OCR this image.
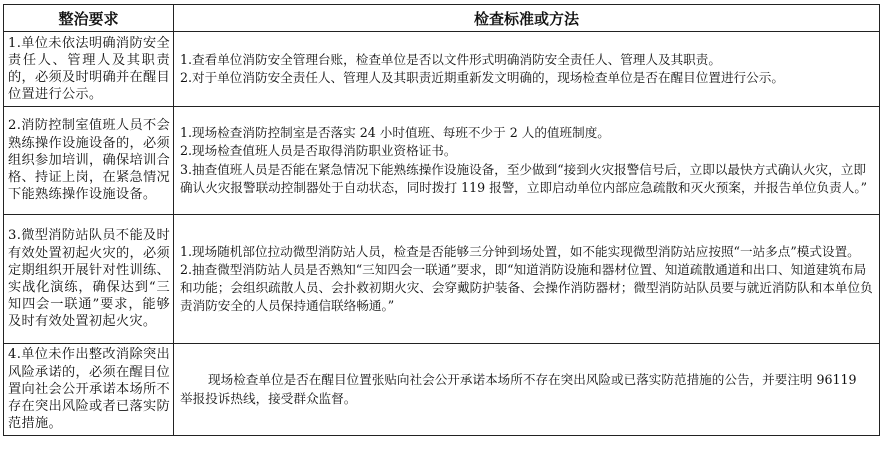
整治要求	检查标准或方法
1.单位未依法明确消防安全责任人、管理人及其职责的，必须及时明确并在醒目位置进行公示。	1.查看单位消防安全管理台账，检查单位是否以文件形式明确消防安全责任人、管理人及其职责。

2.对于单位消防安全责任人、管理人及其职责近期重新发文明确的，现场检查单位是否在醒目位置进行公示。

2.消防控制室值班人员不会熟练操作设施设备的，必须组织参加培训，确保培训合格、持证上岗，在紧急情况下能熟练操作设施设备。	1.现场检查消防控制室是否落实 24 小时值班、每班不少于 2 人的值班制度。

2.现场检查值班人员是否取得消防职业资格证书。

3.抽查值班人员是否能在紧急情况下能熟练操作设施设备，至少做到“接到火灾报警信号后，立即以最快方式确认火灾，立即确认火灾报警联动控制器处于自动状态，同时拨打 119 报警，立即启动单位内部应急疏散和灭火预案，并报告单位负责人。”

3.微型消防站队员不能及时有效处置初起火灾的，必须定期组织开展针对性训练、实战化演练，确保达到“三知四会一联通”要求，能够及时有效处置初起火灾。	1.现场随机部位拉动微型消防站人员，检查是否能够三分钟到场处置，如不能实现微型消防站应按照“一站多点”模式设置。

2.抽查微型消防站人员是否熟知“三知四会一联通”要求，即“知道消防设施和器材位置、知道疏散通道和出口、知道建筑布局和功能；会组织疏散人员、会扑救初期火灾、会穿戴防护装备、会操作消防器材；微型消防站队员要与就近消防队和本单位负责消防安全的人员保持通信联络畅通。”

4.单位未作出整改消除突出风险承诺的，必须在醒目位置向社会公开承诺本场所不存在突出风险或者已落实防范措施。	现场检查单位是否在醒目位置张贴向社会公开承诺本场所不存在突出风险或已落实防范措施的公告，并要注明 96119 举报投诉热线，接受群众监督。
